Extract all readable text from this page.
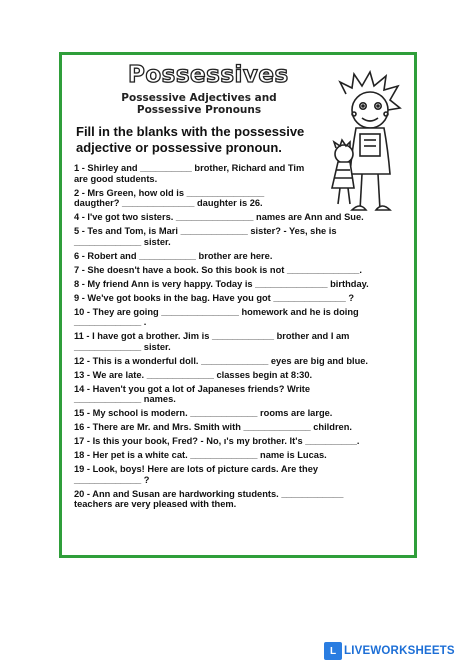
Possessives
Possessive Adjectives and
Possessive Pronouns
Fill in the blanks with the possessive
adjective or possessive pronoun.
1 - Shirley and __________ brother, Richard and Tim
are good students.
2 - Mrs Green, how old is _______________
daugther? ______________ daughter is 26.
4 - I've got two sisters. _______________ names are Ann and Sue.
5 - Tes and Tom, is Mari _____________ sister? - Yes, she is
_____________ sister.
6 - Robert and ___________ brother are here.
7 - She doesn't have a book. So this book is not ______________.
8 - My friend Ann is very happy. Today is ______________ birthday.
9 - We've got books in the bag. Have you got ______________ ?
10 - They are going _______________ homework and he is doing
_____________ .
11 - I have got a brother. Jim is ____________ brother and I am
_____________ sister.
12 - This is a wonderful doll. _____________ eyes are big and blue.
13 - We are late. _____________ classes begin at 8:30.
14 - Haven't you got a lot of Japaneses friends? Write
_____________ names.
15 - My school is modern. _____________ rooms are large.
16 - There are Mr. and Mrs. Smith with _____________ children.
17 - Is this your book, Fred? - No, ı's my brother. It's __________.
18 - Her pet is a white cat. _____________ name is Lucas.
19 - Look, boys! Here are lots of picture cards. Are they
_____________ ?
20 - Ann and Susan are hardworking students. ____________
teachers are very pleased with them.
L LIVEWORKSHEETS
